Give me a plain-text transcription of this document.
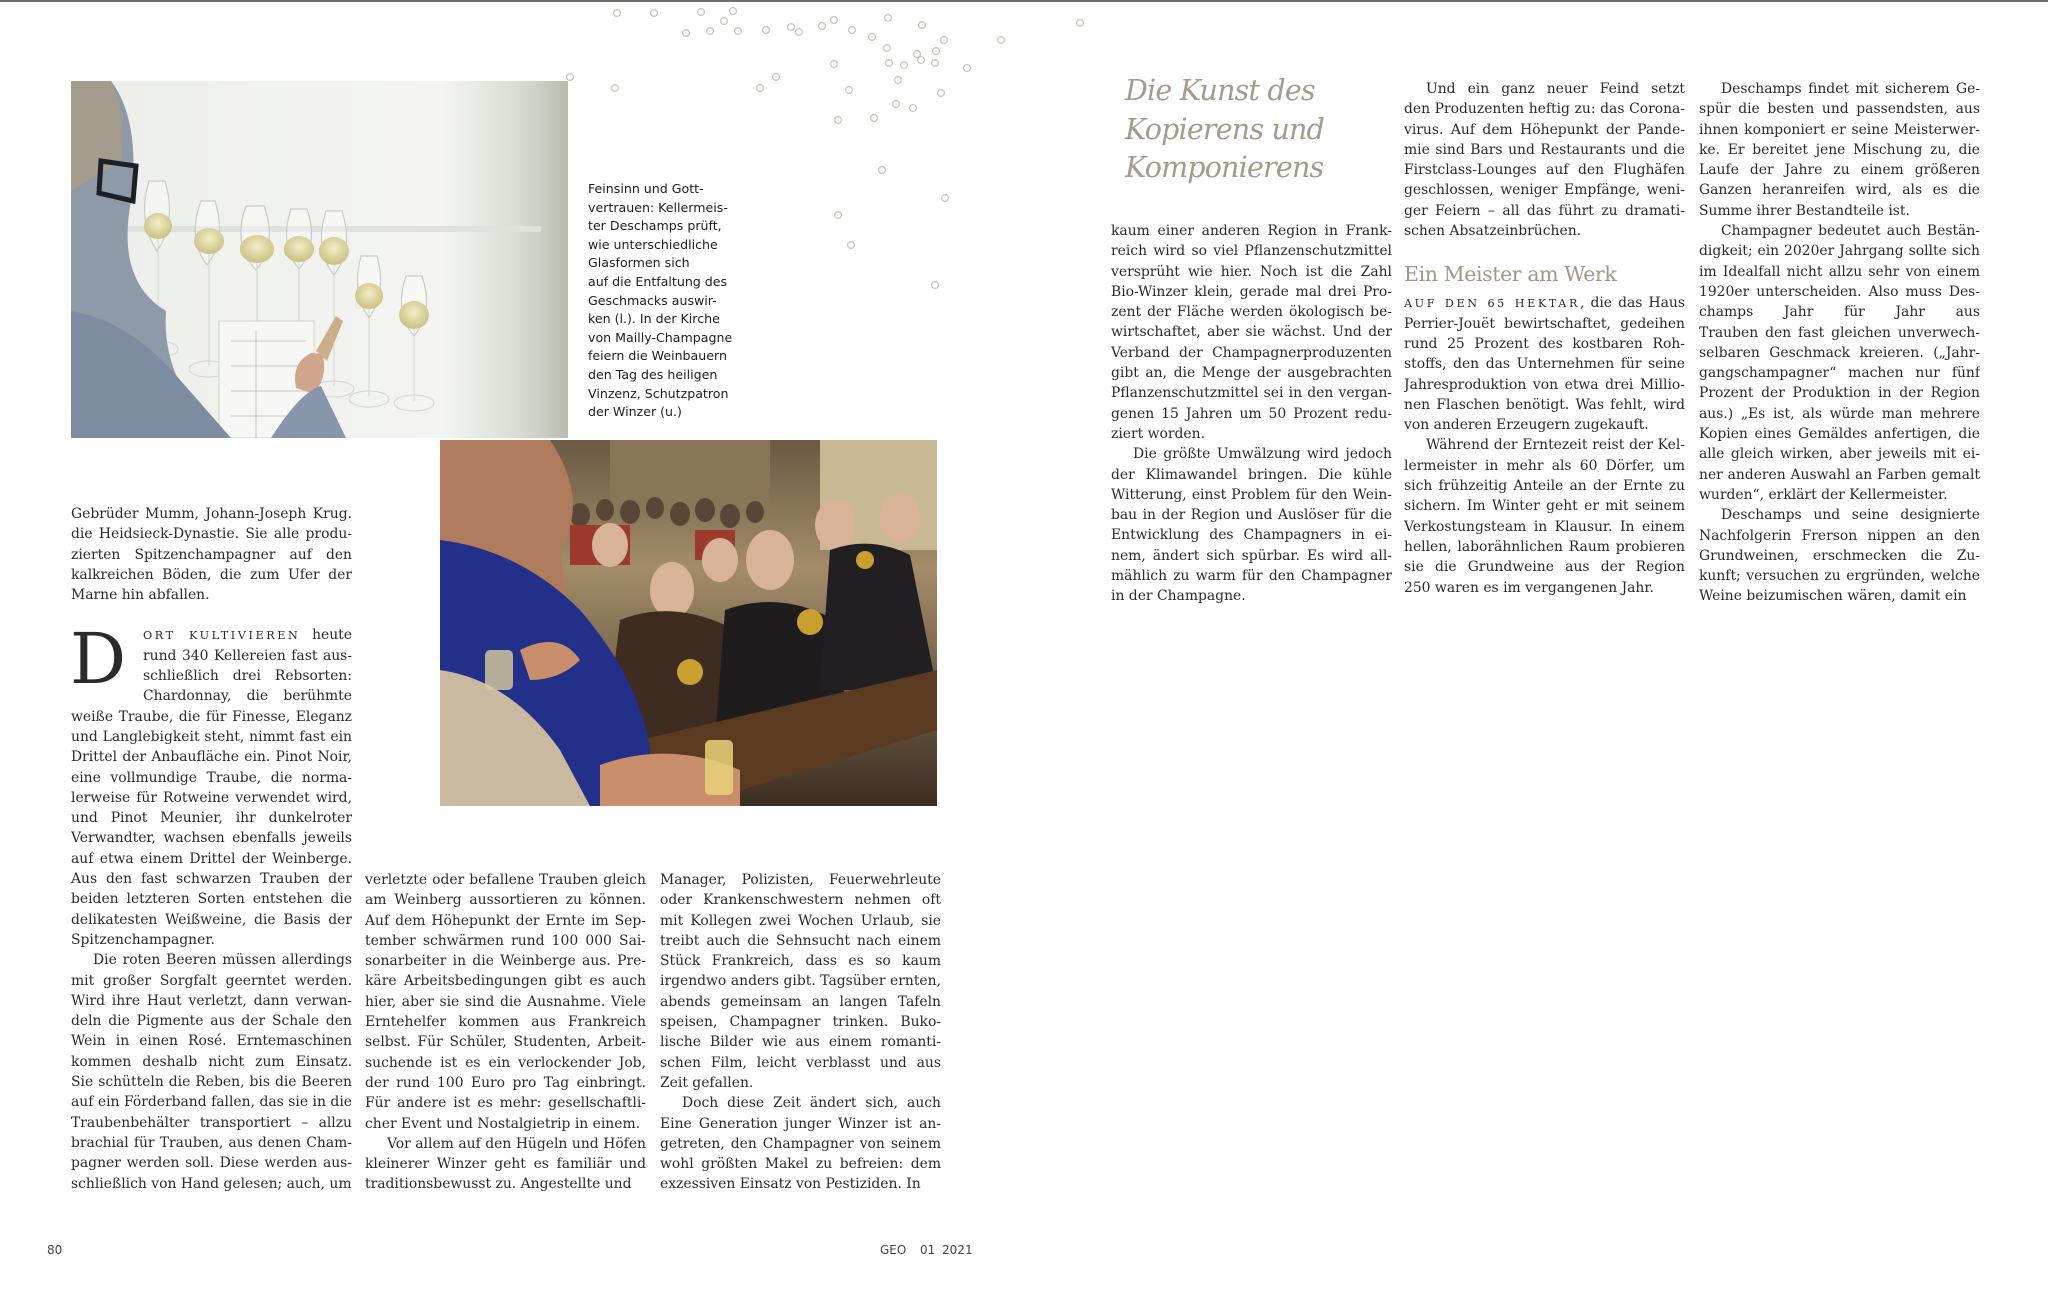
Feinsinn und Gott-
vertrauen: Kellermeis-
ter Deschamps prüft,
wie unterschiedliche
Glasformen sich
auf die Entfaltung des
Geschmacks auswir-
ken (l.). In der Kirche
von Mailly-Champagne
feiern die Weinbauern
den Tag des heiligen
Vinzenz, Schutzpatron
der Winzer (u.)
Gebrüder Mumm, Johann-Joseph Krug.
die Heidsieck-Dynastie. Sie alle produ-
zierten Spitzenchampagner auf den
kalkreichen Böden, die zum Ufer der
Marne hin abfallen.
D ORT KULTIVIEREN heute
rund 340 Kellereien fast aus-
schließlich drei Rebsorten:
Chardonnay, die berühmte
weiße Traube, die für Finesse, Eleganz
und Langlebigkeit steht, nimmt fast ein
Drittel der Anbaufläche ein. Pinot Noir,
eine vollmundige Traube, die norma-
lerweise für Rotweine verwendet wird,
und Pinot Meunier, ihr dunkelroter
Verwandter, wachsen ebenfalls jeweils
auf etwa einem Drittel der Weinberge.
Aus den fast schwarzen Trauben der
beiden letzteren Sorten entstehen die
delikatesten Weißweine, die Basis der
Spitzenchampagner.
Die roten Beeren müssen allerdings
mit großer Sorgfalt geerntet werden.
Wird ihre Haut verletzt, dann verwan-
deln die Pigmente aus der Schale den
Wein in einen Rosé. Erntemaschinen
kommen deshalb nicht zum Einsatz.
Sie schütteln die Reben, bis die Beeren
auf ein Förderband fallen, das sie in die
Traubenbehälter transportiert – allzu
brachial für Trauben, aus denen Cham-
pagner werden soll. Diese werden aus-
schließlich von Hand gelesen; auch, um
verletzte oder befallene Trauben gleich
am Weinberg aussortieren zu können.
Auf dem Höhepunkt der Ernte im Sep-
tember schwärmen rund 100 000 Sai-
sonarbeiter in die Weinberge aus. Pre-
käre Arbeitsbedingungen gibt es auch
hier, aber sie sind die Ausnahme. Viele
Erntehelfer kommen aus Frankreich
selbst. Für Schüler, Studenten, Arbeit-
suchende ist es ein verlockender Job,
der rund 100 Euro pro Tag einbringt.
Für andere ist es mehr: gesellschaftli-
cher Event und Nostalgietrip in einem.
Vor allem auf den Hügeln und Höfen
kleinerer Winzer geht es familiär und
traditionsbewusst zu. Angestellte und
Manager, Polizisten, Feuerwehrleute
oder Krankenschwestern nehmen oft
mit Kollegen zwei Wochen Urlaub, sie
treibt auch die Sehnsucht nach einem
Stück Frankreich, dass es so kaum
irgendwo anders gibt. Tagsüber ernten,
abends gemeinsam an langen Tafeln
speisen, Champagner trinken. Buko-
lische Bilder wie aus einem romanti-
schen Film, leicht verblasst und aus
Zeit gefallen.
Doch diese Zeit ändert sich, auch
Eine Generation junger Winzer ist an-
getreten, den Champagner von seinem
wohl größten Makel zu befreien: dem
exzessiven Einsatz von Pestiziden. In
Die Kunst des
Kopierens und
Komponierens
kaum einer anderen Region in Frank-
reich wird so viel Pflanzenschutzmittel
versprüht wie hier. Noch ist die Zahl
Bio-Winzer klein, gerade mal drei Pro-
zent der Fläche werden ökologisch be-
wirtschaftet, aber sie wächst. Und der
Verband der Champagnerproduzenten
gibt an, die Menge der ausgebrachten
Pflanzenschutzmittel sei in den vergan-
genen 15 Jahren um 50 Prozent redu-
ziert worden.
Die größte Umwälzung wird jedoch
der Klimawandel bringen. Die kühle
Witterung, einst Problem für den Wein-
bau in der Region und Auslöser für die
Entwicklung des Champagners in ei-
nem, ändert sich spürbar. Es wird all-
mählich zu warm für den Champagner
in der Champagne.
Und ein ganz neuer Feind setzt
den Produzenten heftig zu: das Corona-
virus. Auf dem Höhepunkt der Pande-
mie sind Bars und Restaurants und die
Firstclass-Lounges auf den Flughäfen
geschlossen, weniger Empfänge, weni-
ger Feiern – all das führt zu dramati-
schen Absatzeinbrüchen.
Ein Meister am Werk
AUF DEN 65 HEKTAR, die das Haus
Perrier-Jouët bewirtschaftet, gedeihen
rund 25 Prozent des kostbaren Roh-
stoffs, den das Unternehmen für seine
Jahresproduktion von etwa drei Millio-
nen Flaschen benötigt. Was fehlt, wird
von anderen Erzeugern zugekauft.
Während der Erntezeit reist der Kel-
lermeister in mehr als 60 Dörfer, um
sich frühzeitig Anteile an der Ernte zu
sichern. Im Winter geht er mit seinem
Verkostungsteam in Klausur. In einem
hellen, laborähnlichen Raum probieren
sie die Grundweine aus der Region
250 waren es im vergangenen Jahr.
Deschamps findet mit sicherem Ge-
spür die besten und passendsten, aus
ihnen komponiert er seine Meisterwer-
ke. Er bereitet jene Mischung zu, die
Laufe der Jahre zu einem größeren
Ganzen heranreifen wird, als es die
Summe ihrer Bestandteile ist.
Champagner bedeutet auch Bestän-
digkeit; ein 2020er Jahrgang sollte sich
im Idealfall nicht allzu sehr von einem
1920er unterscheiden. Also muss Des-
champs Jahr für Jahr aus
Trauben den fast gleichen unverwech-
selbaren Geschmack kreieren. („Jahr-
gangschampagner“ machen nur fünf
Prozent der Produktion in der Region
aus.) „Es ist, als würde man mehrere
Kopien eines Gemäldes anfertigen, die
alle gleich wirken, aber jeweils mit ei-
ner anderen Auswahl an Farben gemalt
wurden“, erklärt der Kellermeister.
Deschamps und seine designierte
Nachfolgerin Frerson nippen an den
Grundweinen, erschmecken die Zu-
kunft; versuchen zu ergründen, welche
Weine beizumischen wären, damit ein
80	GEO  01 2021
